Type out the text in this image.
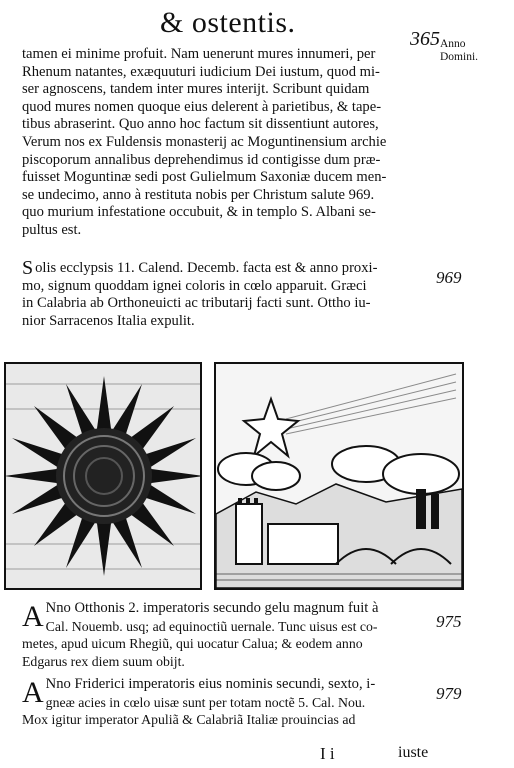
& ostentis.	365 Anno Domini.
tamen ei minime profuit. Nam uenerunt mures innumeri, per
Rhenum natantes, exæquuturi iudicium Dei iustum, quod mi-
ser agnoscens, tandem inter mures interijt. Scribunt quidam
quod mures nomen quoque eius delerent à parietibus, & tape-
tibus abraserint. Quo anno hoc factum sit dissentiunt autores,
Verum nos ex Fuldensis monasterij ac Moguntinensium archie
piscoporum annalibus deprehendimus id contigisse dum præ-
fuisset Moguntinæ sedi post Gulielmum Saxoniæ ducem men-
se undecimo, anno à restituta nobis per Christum salute 969.
quo murium infestatione occubuit, & in templo S. Albani se-
pultus est.
969
S olis ecclypsis 11. Calend. Decemb. facta est & anno proxi-
mo, signum quoddam ignei coloris in cœlo apparuit. Græci
in Calabria ab Orthoneuicti ac tributarij facti sunt. Ottho iu-
nior Sarracenos Italia expulit.
975
A Nno Otthonis 2. imperatoris secundo gelu magnum fuit à
Cal. Nouemb. usq; ad equinoctiũ uernale. Tunc uisus est co-
metes, apud uicum Rhegiũ, qui uocatur Calua; & eodem anno
Edgarus rex diem suum obijt.
979
A Nno Friderici imperatoris eius nominis secundi, sexto, i-
gneæ acies in cœlo uisæ sunt per totam noctẽ 5. Cal. Nou.
Mox igitur imperator Apuliã & Calabriã Italiæ prouincias ad
I i	iuste
